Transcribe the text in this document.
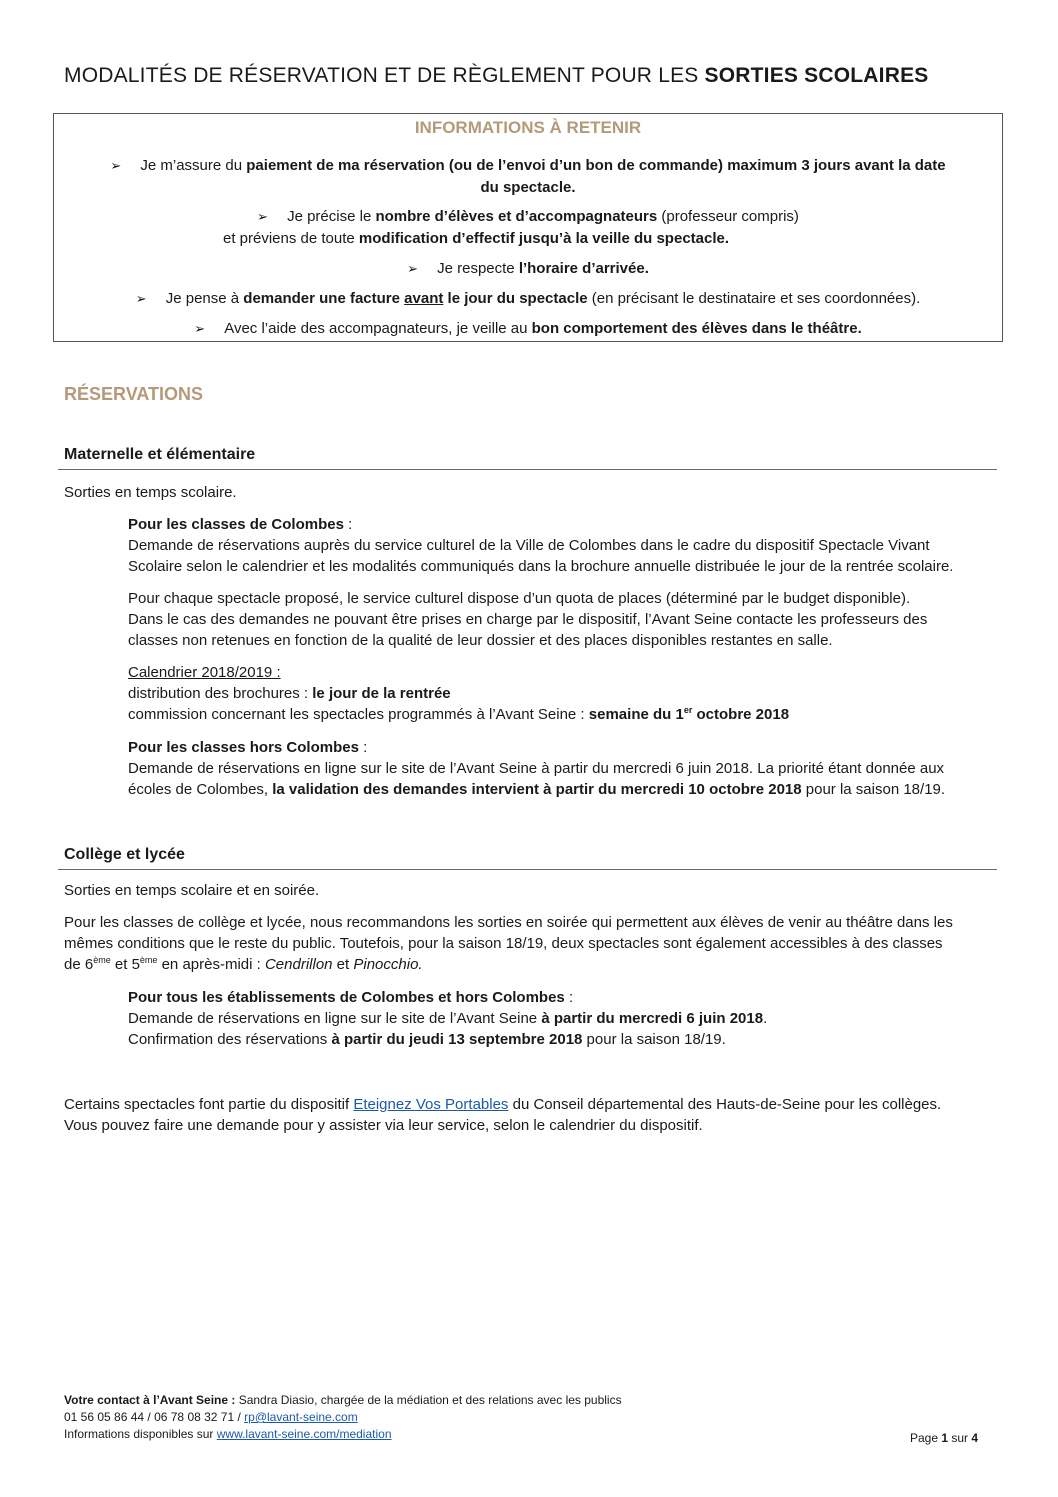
MODALITÉS DE RÉSERVATION ET DE RÈGLEMENT POUR LES SORTIES SCOLAIRES
INFORMATIONS À RETENIR
➢ Je m’assure du paiement de ma réservation (ou de l’envoi d’un bon de commande) maximum 3 jours avant la date
du spectacle.
➢ Je précise le nombre d’élèves et d’accompagnateurs (professeur compris)
et préviens de toute modification d’effectif jusqu’à la veille du spectacle.
➢ Je respecte l’horaire d’arrivée.
➢ Je pense à demander une facture avant le jour du spectacle (en précisant le destinataire et ses coordonnées).
➢ Avec l’aide des accompagnateurs, je veille au bon comportement des élèves dans le théâtre.
RÉSERVATIONS
Maternelle et élémentaire
Sorties en temps scolaire.

Pour les classes de Colombes :

Demande de réservations auprès du service culturel de la Ville de Colombes dans le cadre du dispositif Spectacle Vivant

Scolaire selon le calendrier et les modalités communiqués dans la brochure annuelle distribuée le jour de la rentrée scolaire.

Pour chaque spectacle proposé, le service culturel dispose d’un quota de places (déterminé par le budget disponible).

Dans le cas des demandes ne pouvant être prises en charge par le dispositif, l’Avant Seine contacte les professeurs des

classes non retenues en fonction de la qualité de leur dossier et des places disponibles restantes en salle.

Calendrier 2018/2019 :

distribution des brochures : le jour de la rentrée

commission concernant les spectacles programmés à l’Avant Seine : semaine du 1er octobre 2018

Pour les classes hors Colombes :

Demande de réservations en ligne sur le site de l’Avant Seine à partir du mercredi 6 juin 2018. La priorité étant donnée aux

écoles de Colombes, la validation des demandes intervient à partir du mercredi 10 octobre 2018 pour la saison 18/19.

Collège et lycée
Sorties en temps scolaire et en soirée.

Pour les classes de collège et lycée, nous recommandons les sorties en soirée qui permettent aux élèves de venir au théâtre dans les

mêmes conditions que le reste du public. Toutefois, pour la saison 18/19, deux spectacles sont également accessibles à des classes

de 6ème et 5ème en après-midi : Cendrillon et Pinocchio.

Pour tous les établissements de Colombes et hors Colombes :

Demande de réservations en ligne sur le site de l’Avant Seine à partir du mercredi 6 juin 2018.

Confirmation des réservations à partir du jeudi 13 septembre 2018 pour la saison 18/19.

Certains spectacles font partie du dispositif Eteignez Vos Portables du Conseil départemental des Hauts-de-Seine pour les collèges.

Vous pouvez faire une demande pour y assister via leur service, selon le calendrier du dispositif.

Votre contact à l’Avant Seine : Sandra Diasio, chargée de la médiation et des relations avec les publics

01 56 05 86 44 / 06 78 08 32 71 / rp@lavant-seine.com

Informations disponibles sur www.lavant-seine.com/mediation	Page 1 sur 4
